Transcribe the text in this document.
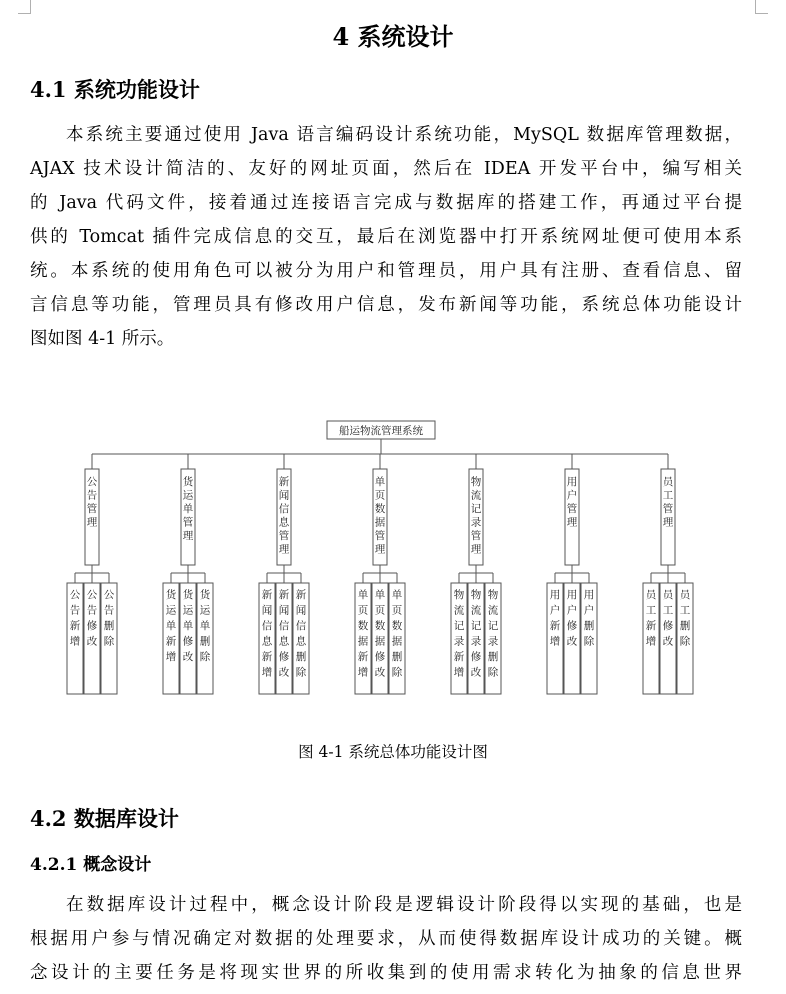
4 系统设计
4.1 系统功能设计
本系统主要通过使用 Java 语言编码设计系统功能，MySQL 数据库管理数据，
AJAX 技术设计简洁的、友好的网址页面，然后在 IDEA 开发平台中，编写相关
的 Java 代码文件，接着通过连接语言完成与数据库的搭建工作，再通过平台提
供的 Tomcat 插件完成信息的交互，最后在浏览器中打开系统网址便可使用本系
统。本系统的使用角色可以被分为用户和管理员，用户具有注册、查看信息、留
言信息等功能，管理员具有修改用户信息，发布新闻等功能，系统总体功能设计
图如图 4-1 所示。
船运物流管理系统
公告管理
公告新增
公告修改
公告删除
货运单管理
货运单新增
货运单修改
货运单删除
新闻信息管理
新闻信息新增
新闻信息修改
新闻信息删除
单页数据管理
单页数据新增
单页数据修改
单页数据删除
物流记录管理
物流记录新增
物流记录修改
物流记录删除
用户管理
用户新增
用户修改
用户删除
员工管理
员工新增
员工修改
员工删除
图 4-1 系统总体功能设计图
4.2 数据库设计
4.2.1 概念设计
在数据库设计过程中，概念设计阶段是逻辑设计阶段得以实现的基础，也是
根据用户参与情况确定对数据的处理要求，从而使得数据库设计成功的关键。概
念设计的主要任务是将现实世界的所收集到的使用需求转化为抽象的信息世界
